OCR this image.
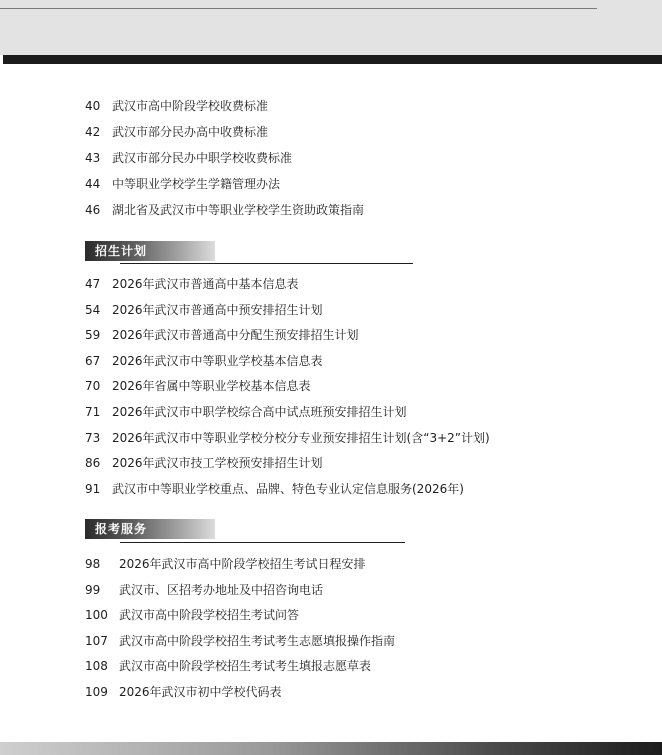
40 武汉市高中阶段学校收费标准
42 武汉市部分民办高中收费标准
43 武汉市部分民办中职学校收费标准
44 中等职业学校学生学籍管理办法
46 湖北省及武汉市中等职业学校学生资助政策指南
招生计划
47 2026年武汉市普通高中基本信息表
54 2026年武汉市普通高中预安排招生计划
59 2026年武汉市普通高中分配生预安排招生计划
67 2026年武汉市中等职业学校基本信息表
70 2026年省属中等职业学校基本信息表
71 2026年武汉市中职学校综合高中试点班预安排招生计划
73 2026年武汉市中等职业学校分校分专业预安排招生计划(含“3+2”计划)
86 2026年武汉市技工学校预安排招生计划
91 武汉市中等职业学校重点、品牌、特色专业认定信息服务(2026年)
报考服务
98 2026年武汉市高中阶段学校招生考试日程安排
99 武汉市、区招考办地址及中招咨询电话
100 武汉市高中阶段学校招生考试问答
107 武汉市高中阶段学校招生考试考生志愿填报操作指南
108 武汉市高中阶段学校招生考试考生填报志愿草表
109 2026年武汉市初中学校代码表
